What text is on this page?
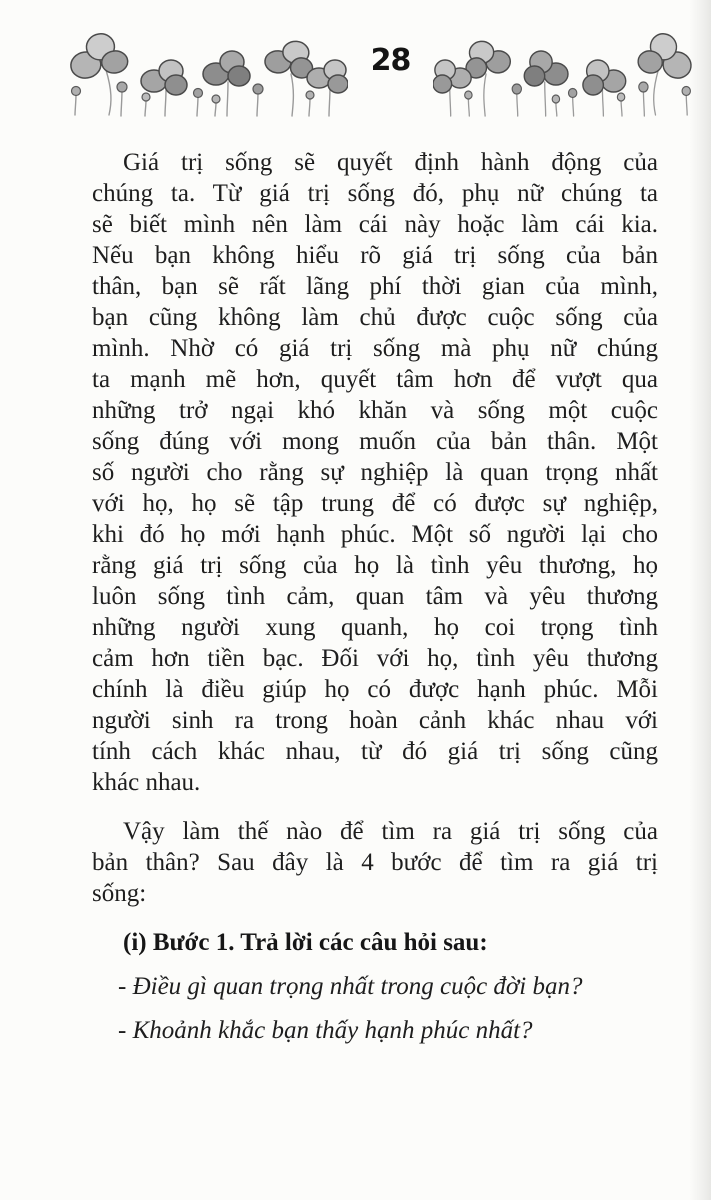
28
Giá trị sống sẽ quyết định hành động của
chúng ta. Từ giá trị sống đó, phụ nữ chúng ta
sẽ biết mình nên làm cái này hoặc làm cái kia.
Nếu bạn không hiểu rõ giá trị sống của bản
thân, bạn sẽ rất lãng phí thời gian của mình,
bạn cũng không làm chủ được cuộc sống của
mình. Nhờ có giá trị sống mà phụ nữ chúng
ta mạnh mẽ hơn, quyết tâm hơn để vượt qua
những trở ngại khó khăn và sống một cuộc
sống đúng với mong muốn của bản thân. Một
số người cho rằng sự nghiệp là quan trọng nhất
với họ, họ sẽ tập trung để có được sự nghiệp,
khi đó họ mới hạnh phúc. Một số người lại cho
rằng giá trị sống của họ là tình yêu thương, họ
luôn sống tình cảm, quan tâm và yêu thương
những người xung quanh, họ coi trọng tình
cảm hơn tiền bạc. Đối với họ, tình yêu thương
chính là điều giúp họ có được hạnh phúc. Mỗi
người sinh ra trong hoàn cảnh khác nhau với
tính cách khác nhau, từ đó giá trị sống cũng
khác nhau.
Vậy làm thế nào để tìm ra giá trị sống của
bản thân? Sau đây là 4 bước để tìm ra giá trị
sống:
(i) Bước 1. Trả lời các câu hỏi sau:
- Điều gì quan trọng nhất trong cuộc đời bạn?
- Khoảnh khắc bạn thấy hạnh phúc nhất?
